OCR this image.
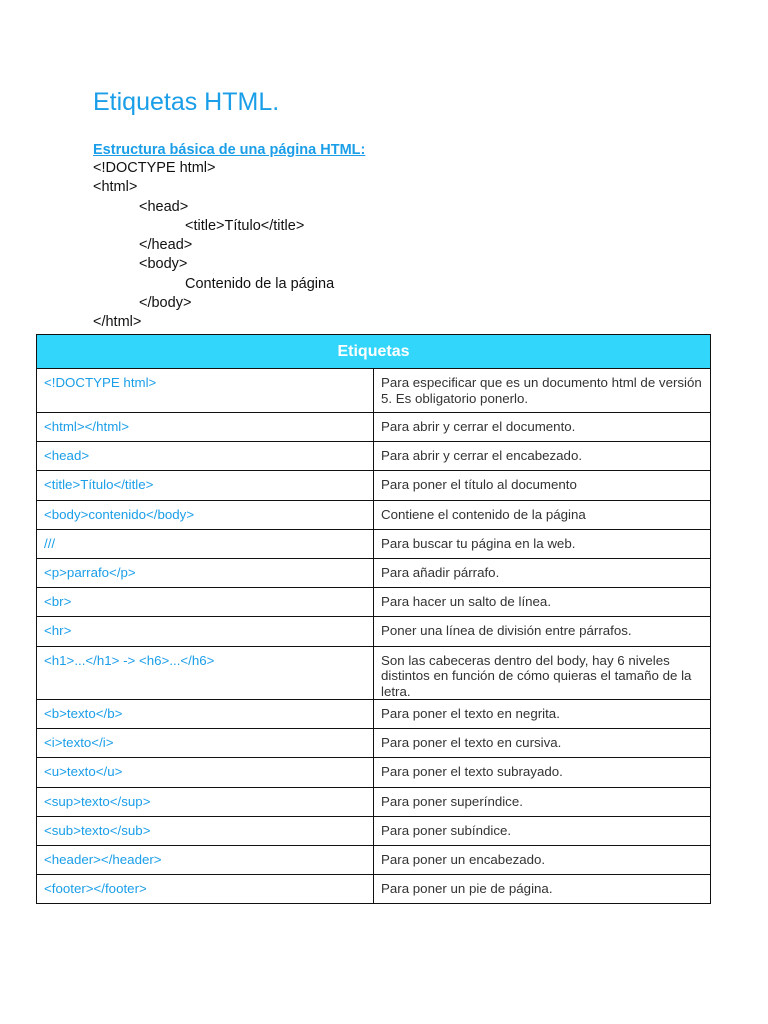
Etiquetas HTML.
Estructura básica de una página HTML:
<!DOCTYPE html>
<html>
<head>
<title>Título</title>
</head>
<body>
Contenido de la página
</body>
</html>
Etiquetas	
<!DOCTYPE html>	Para especificar que es un documento html de versión 5. Es obligatorio ponerlo.
<html></html>	Para abrir y cerrar el documento.
<head>	Para abrir y cerrar el encabezado.
<title>Título</title>	Para poner el título al documento
<body>contenido</body>	Contiene el contenido de la página
///	Para buscar tu página en la web.
<p>parrafo</p>	Para añadir párrafo.
<br>	Para hacer un salto de línea.
<hr>	Poner una línea de división entre párrafos.
<h1>...</h1> -> <h6>...</h6>	Son las cabeceras dentro del body, hay 6 niveles distintos en función de cómo quieras el tamaño de la letra.
<b>texto</b>	Para poner el texto en negrita.
<i>texto</i>	Para poner el texto en cursiva.
<u>texto</u>	Para poner el texto subrayado.
<sup>texto</sup>	Para poner superíndice.
<sub>texto</sub>	Para poner subíndice.
<header></header>	Para poner un encabezado.
<footer></footer>	Para poner un pie de página.
